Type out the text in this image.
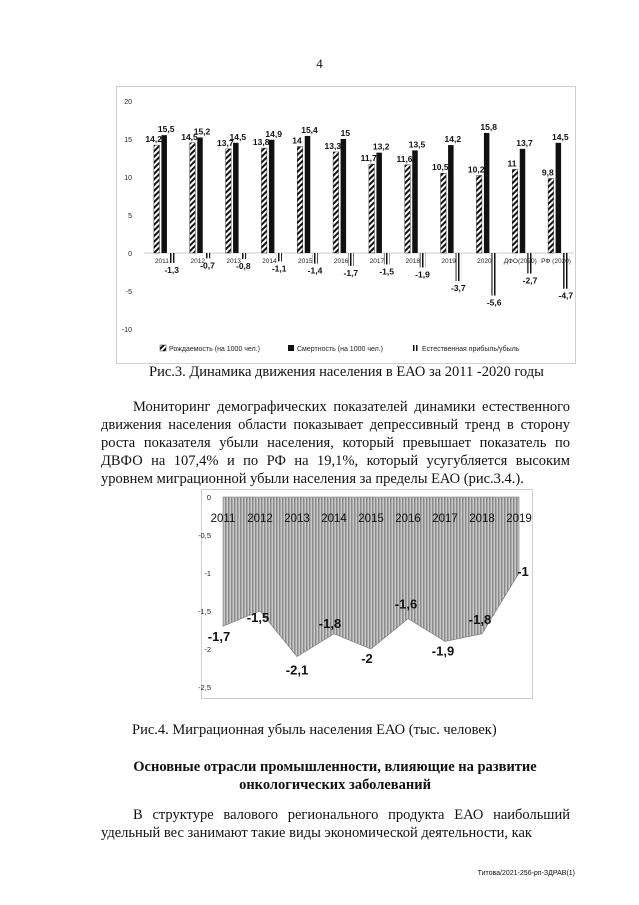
4
20
15
10
5
0
-5
-10
14,2
15,5
-1,3
2011
14,5
15,2
-0,7
2012
13,7
14,5
-0,8
2013
13,8
14,9
-1,1
2014
14
15,4
-1,4
2015
13,3
15
-1,7
2016
11,7
13,2
-1,5
2017
11,6
13,5
-1,9
2018
10,5
14,2
-3,7
2019
10,2
15,8
-5,6
2020
11
13,7
-2,7
ДФО(2020)
9,8
14,5
-4,7
РФ (2020)
Рождаемость (на 1000 чел.)	Смертность (на 1000 чел.)	Естественная прибыль/убыль
Рис.3. Динамика движения населения в ЕАО за 2011 -2020 годы
Мониторинг демографических показателей динамики естественного движения населения области показывает депрессивный тренд в сторону роста показателя убыли населения, который превышает показатель по ДВФО на 107,4% и по РФ на 19,1%, который усугубляется высоким уровнем миграционной убыли населения за пределы ЕАО (рис.3.4.).
0
-0,5
-1
-1,5
-2
-2,5
2011 2012 2013 2014 2015 2016 2017 2018 2019
-1,7
-1,5
-2,1
-1,8
-2
-1,6
-1,9
-1,8
-1
Рис.4. Миграционная убыль населения ЕАО (тыс. человек)
Основные отрасли промышленности, влияющие на развитие онкологических заболеваний
В структуре валового регионального продукта ЕАО наибольший удельный вес занимают такие виды экономической деятельности, как
Титова/2021-256-рп-ЗДРАВ(1)
